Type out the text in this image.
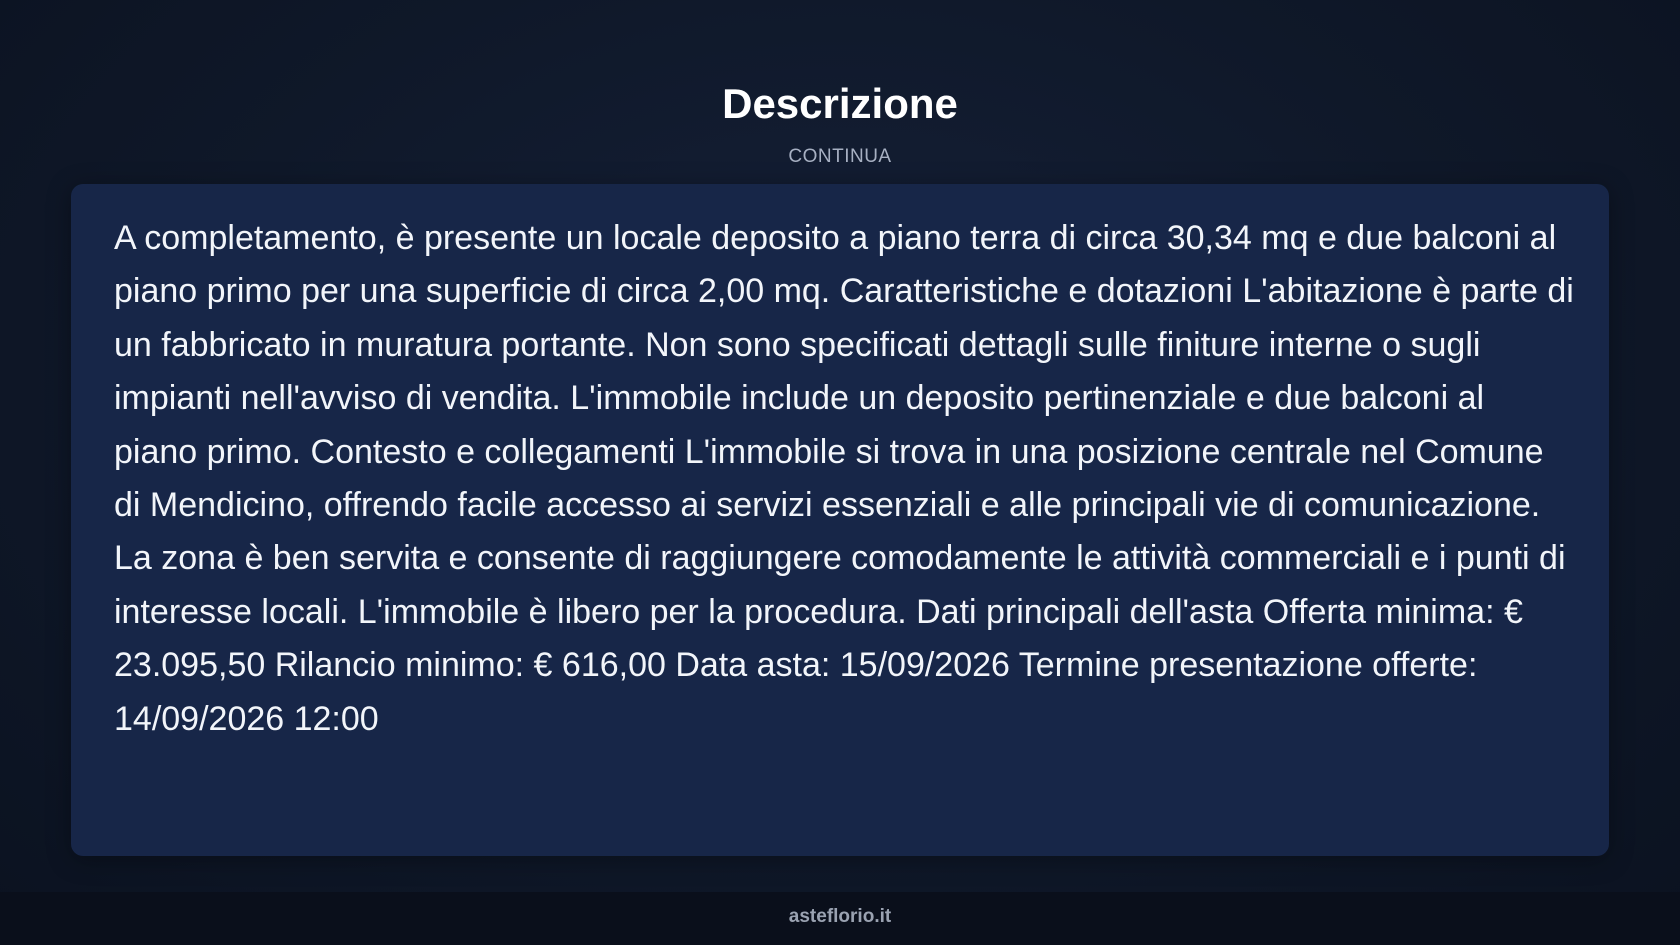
Descrizione
CONTINUA

A completamento, è presente un locale deposito a piano terra di circa 30,34 mq e due balconi al piano primo per una superficie di circa 2,00 mq. Caratteristiche e dotazioni L'abitazione è parte di un fabbricato in muratura portante. Non sono specificati dettagli sulle finiture interne o sugli impianti nell'avviso di vendita. L'immobile include un deposito pertinenziale e due balconi al piano primo. Contesto e collegamenti L'immobile si trova in una posizione centrale nel Comune di Mendicino, offrendo facile accesso ai servizi essenziali e alle principali vie di comunicazione. La zona è ben servita e consente di raggiungere comodamente le attività commerciali e i punti di interesse locali. L'immobile è libero per la procedura. Dati principali dell'asta Offerta minima: € 23.095,50 Rilancio minimo: € 616,00 Data asta: 15/09/2026 Termine presentazione offerte: 14/09/2026 12:00

asteflorio.it
